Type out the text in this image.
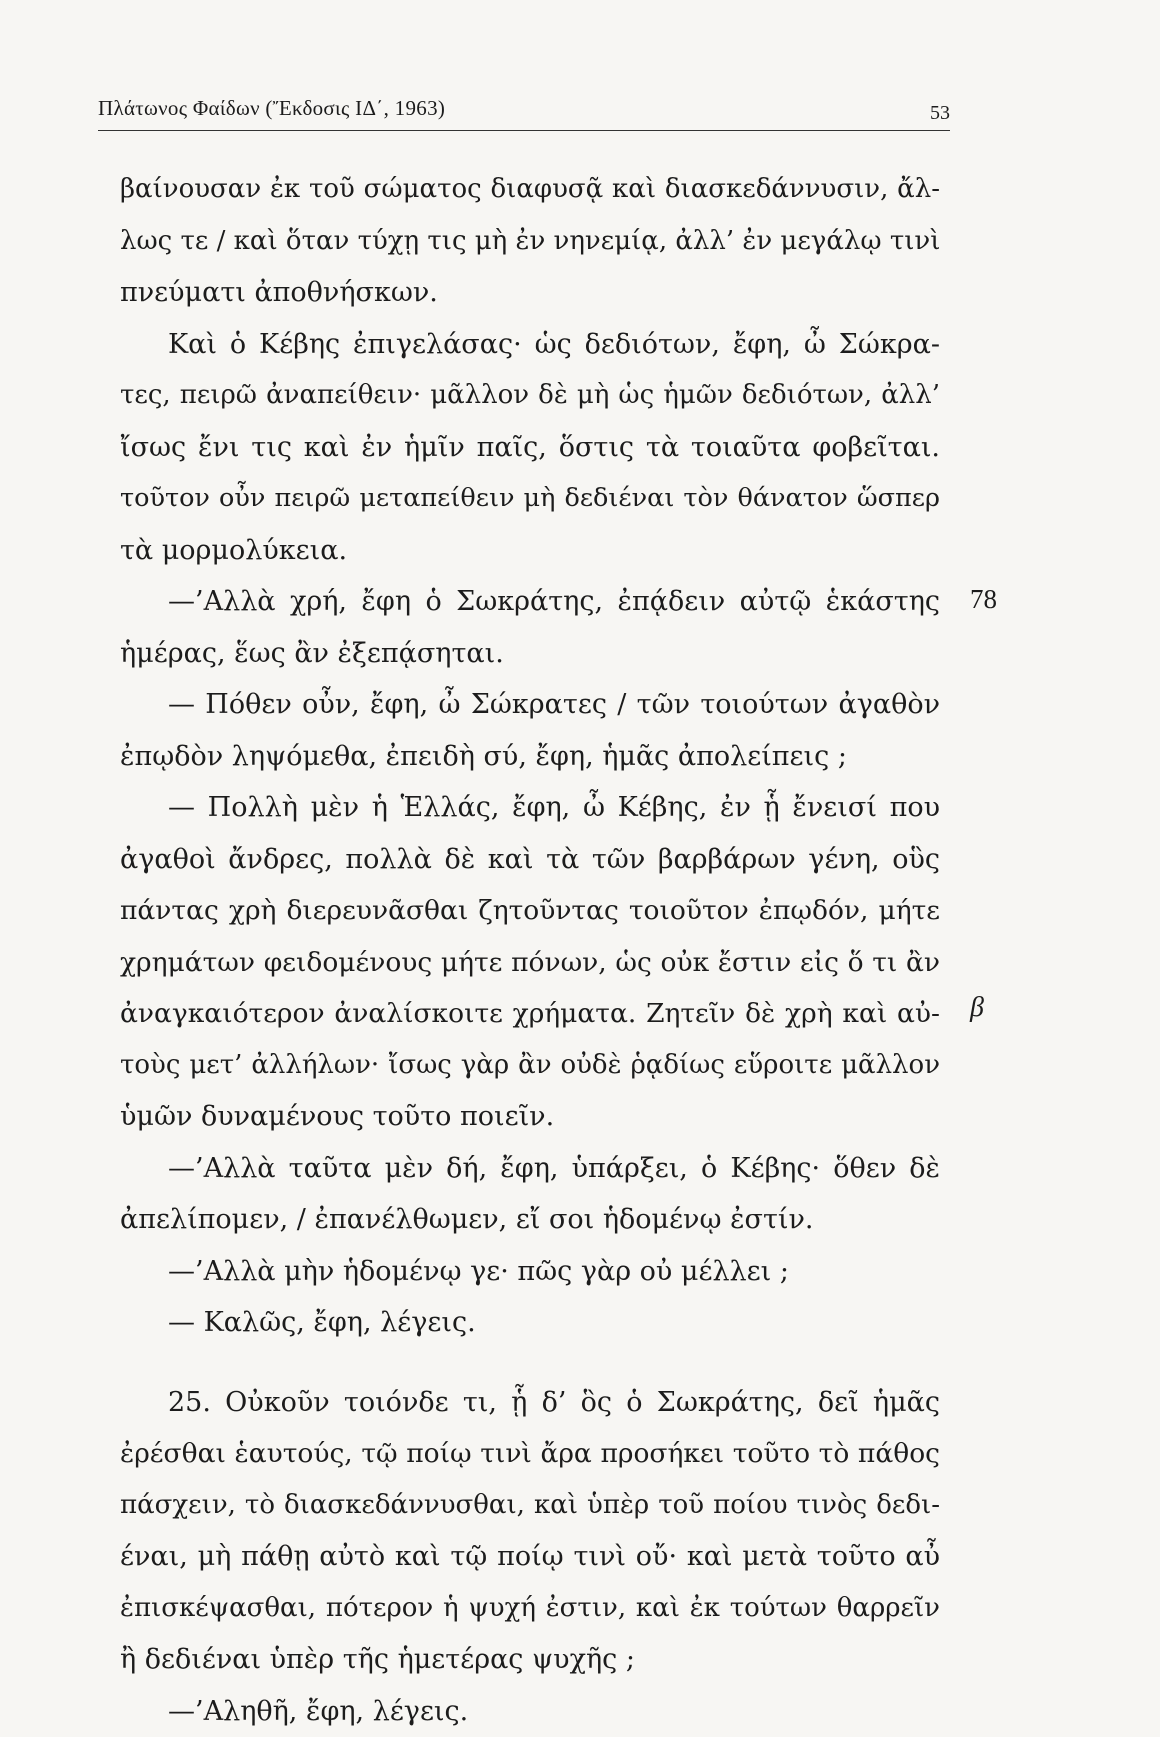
Πλάτωνος Φαίδων (Ἔκδοσις ΙΔ΄, 1963)	53
βαίνουσαν ἐκ τοῦ σώματος διαφυσᾷ καὶ διασκεδάννυσιν, ἄλ-
λως τε / καὶ ὅταν τύχῃ τις μὴ ἐν νηνεμίᾳ, ἀλλ’ ἐν μεγάλῳ τινὶ
πνεύματι ἀποθνήσκων.
Καὶ ὁ Κέβης ἐπιγελάσας· ὡς δεδιότων, ἔφη, ὦ Σώκρα-
τες, πειρῶ ἀναπείθειν· μᾶλλον δὲ μὴ ὡς ἡμῶν δεδιότων, ἀλλ’
ἴσως ἔνι τις καὶ ἐν ἡμῖν παῖς, ὅστις τὰ τοιαῦτα φοβεῖται.
τοῦτον οὖν πειρῶ μεταπείθειν μὴ δεδιέναι τὸν θάνατον ὥσπερ
τὰ μορμολύκεια.
—’Αλλὰ χρή, ἔφη ὁ Σωκράτης, ἐπᾴδειν αὐτῷ ἑκάστης
ἡμέρας, ἕως ἂν ἐξεπᾴσηται.
— Πόθεν οὖν, ἔφη, ὦ Σώκρατες / τῶν τοιούτων ἀγαθὸν
ἐπῳδὸν ληψόμεθα, ἐπειδὴ σύ, ἔφη, ἡμᾶς ἀπολείπεις ;
— Πολλὴ μὲν ἡ Ἑλλάς, ἔφη, ὦ Κέβης, ἐν ᾗ ἔνεισί που
ἀγαθοὶ ἄνδρες, πολλὰ δὲ καὶ τὰ τῶν βαρβάρων γένη, οὓς
πάντας χρὴ διερευνᾶσθαι ζητοῦντας τοιοῦτον ἐπῳδόν, μήτε
χρημάτων φειδομένους μήτε πόνων, ὡς οὐκ ἔστιν εἰς ὅ τι ἂν
ἀναγκαιότερον ἀναλίσκοιτε χρήματα. Ζητεῖν δὲ χρὴ καὶ αὐ-
τοὺς μετ’ ἀλλήλων· ἴσως γὰρ ἂν οὐδὲ ῥᾳδίως εὕροιτε μᾶλλον
ὑμῶν δυναμένους τοῦτο ποιεῖν.
—’Αλλὰ ταῦτα μὲν δή, ἔφη, ὑπάρξει, ὁ Κέβης· ὅθεν δὲ
ἀπελίπομεν, / ἐπανέλθωμεν, εἴ σοι ἡδομένῳ ἐστίν.
—’Αλλὰ μὴν ἡδομένῳ γε· πῶς γὰρ οὐ μέλλει ;
— Καλῶς, ἔφη, λέγεις.
25. Οὐκοῦν τοιόνδε τι, ᾗ δ’ ὃς ὁ Σωκράτης, δεῖ ἡμᾶς
ἐρέσθαι ἑαυτούς, τῷ ποίῳ τινὶ ἄρα προσήκει τοῦτο τὸ πάθος
πάσχειν, τὸ διασκεδάννυσθαι, καὶ ὑπὲρ τοῦ ποίου τινὸς δεδι-
έναι, μὴ πάθῃ αὐτὸ καὶ τῷ ποίῳ τινὶ οὔ· καὶ μετὰ τοῦτο αὖ
ἐπισκέψασθαι, πότερον ἡ ψυχή ἐστιν, καὶ ἐκ τούτων θαρρεῖν
ἢ δεδιέναι ὑπὲρ τῆς ἡμετέρας ψυχῆς ;
—’Αληθῆ, ἔφη, λέγεις.
78
β
